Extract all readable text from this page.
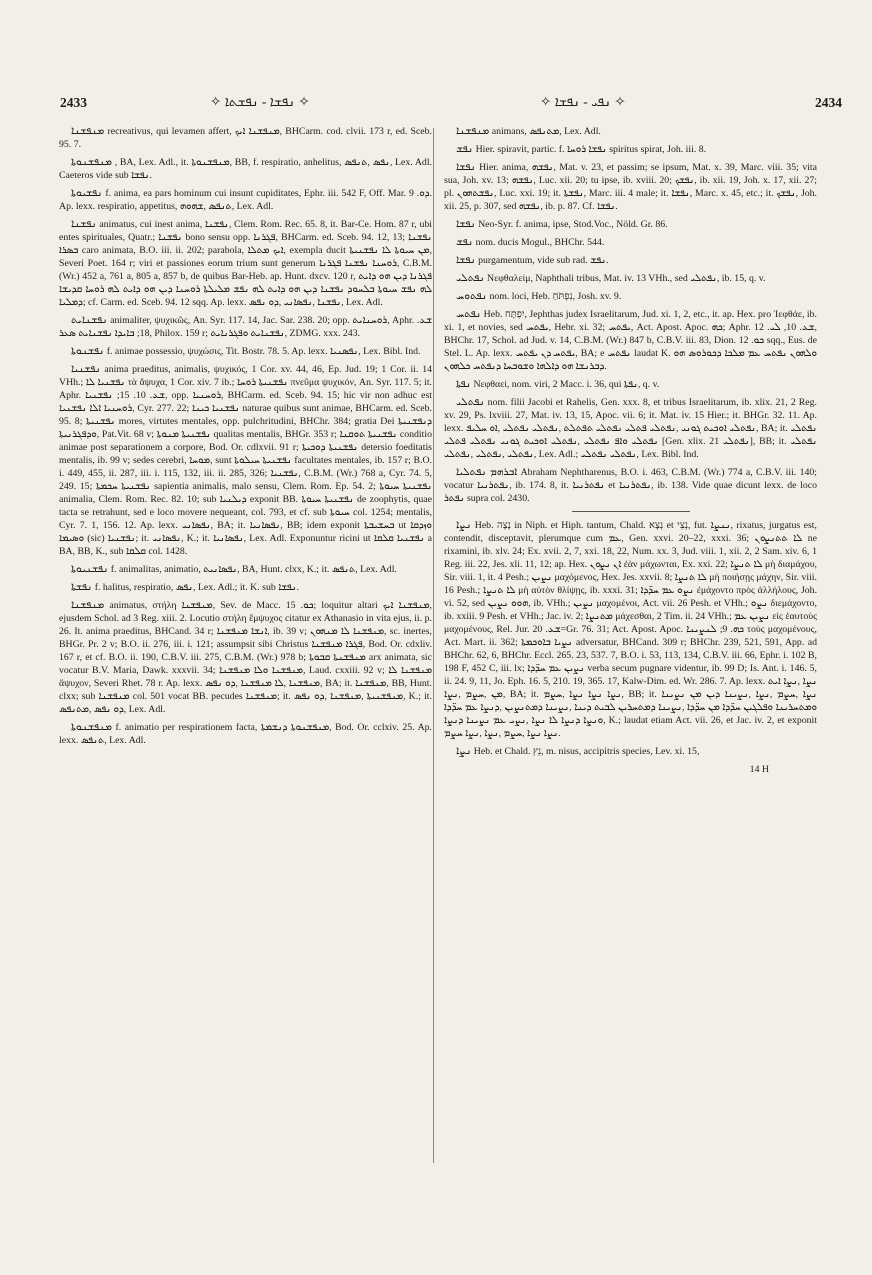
2433	✧ ܢܦܫܐ - ܢܦܫܬܐ ✧	✧ ܢܦܝ - ܢܦܫܐ ✧	2434

ܡܢܦܫܢܐ recreativus, qui levamen affert, ܡܢܦܫܢܐ ܐܝܟ, BHCarm. cod. clvii. 173 r, ed. Sceb. 95. 7.

ܡܢܦܫܢܘܬܐ , BA, Lex. Adl., it. ܡܢܦܫܢܘܬܐ, BB, f. respiratio, anhelitus, ܢܦܣ ,ܬܢܦܣ, Lex. Adl. Caeteros vide sub ܢܦܫܐ.

ܢܦܫܝܘܬܐ f. anima, ea pars hominum cui insunt cupiditates, Ephr. iii. 542 F, Off. Mar. ܕܘ. 9. Ap. lexx. respiratio, appetitus, ܬܢܦܣ ,ܫܗܘܗ, Lex. Adl.

ܢܦܫܢܐ animatus, cui inest anima, ܢܦܫܢܐ, Clem. Rom. Rec. 65. 8, it. Bar-Ce. Hom. 87 r, ubi entes spirituales, Quatr.; ܢܦܫܢܐ bono sensu opp. ܦܓܪܢܐ, BHCarm. ed. Sceb. 94. 12, 13; ܢܦܫܢܐ ܒܣܪܐ caro animata, B.O. iii. ii. 202; parabola, ܐܝܟ ܡܬܠܐ, exempla ducit ܡܢ ܚܝܘܬܐ ܠܐ ܢܦܫܢܝܬܐ, Severi Poet. 164 r; viri et passiones eorum trium sunt generum ܪܘܚܢܐ ܢܦܫܢܐ ܦܓܪܢܐ, C.B.M. (Wr.) 452 a, 761 a, 805 a, 857 b, de quibus Bar-Heb. ap. Hunt. dxcv. 120 r, ܦܓܪܢܐ ܕܝܢ ܗܘ ܕܐܝܬ ܠܗ ܢܦܫ ܚܝܘܬܐ ܒܠܚܘܕ ܢܦܫܢܐ ܕܝܢ ܗܘ ܕܐܝܬ ܠܗ ܢܦܫ ܡܠܝܠܬܐ ܪܘܚܢܐ ܕܝܢ ܗܘ ܕܐܝܬ ܠܗ ܪܘܚܐ ܩܕܝܫܐ ܕܡܠܝܐ; cf. Carm. ed. Sceb. 94. 12 sqq. Ap. lexx. ܢܦܫܢܐ ,ܢܦܣܐܢܝ ,ܕܘ ܢܦܣ, Lex. Adl.

ܢܦܫܢܐܝܬ animaliter, ψυχικῶς, An. Syr. 117. 14, Jac. Sar. 238. 20; opp. ܪܘܚܢܐܝܬ, Aphr. ܫܥ. 18; ܒܐܝܕܐ ܢܦܫܢܐܝܬ ܣܥܪ, Philox. 159 r; ܢܦܫܢܐܝܬ ܘܦܓܪܢܐܝܬ, ZDMG. xxx. 243.

ܢܦܫܢܘܬܐ f. animae possessio, ψυχώσις, Tit. Bostr. 78. 5. Ap. lexx. ܢܦܣܢܝܐ, Lex. Bibl. Ind.

ܢܦܫܢܝܐ anima praeditus, animalis, ψυχικός, 1 Cor. xv. 44, 46, Ep. Jud. 19; 1 Cor. ii. 14 VHh.; ܢܦܫܢܝܐ ܠܐ τὰ ἄψυχα, 1 Cor. xiv. 7 ib.; ܢܦܫܢܝܬܐ ܪܘܚܐ πνεῦμα ψυχικόν, An. Syr. 117. 5; it. Aphr. ܫܥ. 10. 15; ܢܦܫܢܝܐ, opp. ܪܘܚܢܝܐ, BHCarm. ed. Sceb. 94. 15; hic vir non adhuc est ܪܘܚܢܝܐ ܐܠܐ ܢܦܫܢܝܐ, Cyr. 277. 22; ܢܦܫܢܝܐ ܟܝܢܐ naturae quibus sunt animae, BHCarm. ed. Sceb. 95. 8; ܢܦܫܢܝܬܐ mores, virtutes mentales, opp. pulchritudini, BHChr. 384; gratia Dei ܕܢܦܫܢܝܬܐ ܘܕܦܓܪܢܝܬܐ, Pat.Vit. 68 v; ܢܦܫܢܝܬܐ ܡܢܘܬܐ qualitas mentalis, BHGr. 353 r; ܢܦܫܢܝܬܐ ܬܘܩܢܐ conditio animae post separationem a corpore, Bod. Or. cdlxvii. 91 r; ܢܦܫܢܝܬܐ ܕܘܟܝܬܐ detersio foeditatis mentalis, ib. 99 v; sedes cerebri, ܡܘܚܐ, sunt ܢܦܫܢܝܬܐ ܚܝܠܘܬܐ facultates mentales, ib. 157 r; B.O. i. 449, 455, ii. 287, iii. i. 115, 132, iii. ii. 285, 326; ܢܦܫܢܝܐ, C.B.M. (Wr.) 768 a, Cyr. 74. 5, 249. 15; ܢܦܫܢܝܬܐ ܚܟܡܬܐ sapientia animalis, malo sensu, Clem. Rom. Ep. 54. 2; ܢܦܫܢܝܬܐ ܚܝܘܬܐ animalia, Clem. Rom. Rec. 82. 10; sub ܕܝܠܢܝܐ exponit BB. ܢܦܫܢܝܬܐ ܚܝܘܬܐ de zoophytis, quae tacta se retrahunt, sed e loco movere nequeant, col. 793, et cf. sub ܚܝܘܬܐ col. 1254; mentalis, Cyr. 7. 1, 156. 12. Ap. lexx. ܢܦܣܐܢܝ, BA; it. ܢܦܣܐܢܝܐ, BB; idem exponit ܒܚܫܝܒܬܐ ut ܘܙܕܩܐ ܘܣܝܡܐ (sic) ܢܦܫܢܝܐ; it. ܢܦܣܐܢܝ, K.; it. ܢܦܣܐܢܝܐ, Lex. Adl. Exponuntur ricini ut ܢܦܫܢܝܐ ܩܠܩܐ a BA, BB, K., sub ܩܠܩܐ col. 1428.

ܢܦܫܢܝܘܬܐ f. animalitas, animatio, ܢܦܣܐܢܝܬ, BA, Hunt. clxx, K.; it. ܬܢܦܣ, Lex. Adl.

ܢܦܫܬܐ f. halitus, respiratio, ܢܦܣ, Lex. Adl.; it. K. sub ܢܦܫܐ.

ܡܢܦܫܢܐ animatus, στήλη ܡܢܦܫܢܐ, Sev. de Macc. ܟܘ. 15; loquitur altari ܡܢܦܫܢܐ ܐܝܟ, ejusdem Schol. ad 3 Reg. xiii. 2. Locutio στήλη ἔμψυχος citatur ex Athanasio in vita ejus, ii. p. 26. It. anima praeditus, BHCand. 34 r; ܐܢܫܐ ܡܢܦܫܢܐ, ib. 39 v; ܡܢܦܫܢܐ ܠܐ ܡܢܗܘܢ, sc. inertes, BHGr. Pr. 2 v; B.O. ii. 276, iii. i. 121; assumpsit sibi Christus ܦܓܪܐ ܡܢܦܫܢܐ, Bod. Or. cdxliv. 167 r, et cf. B.O. ii. 190, C.B.V. iii. 275, C.B.M. (Wr.) 978 b; ܡܢܦܫܢܬܐ ܩܒܘܬܐ arx animata, sic vocatur B.V. Maria, Dawk. xxxvii. 34; ܡܢܦܫܢܐ ܘܠܐ ܡܢܦܫܢܐ, Laud. cxxiii. 92 v; ܡܢܦܫܢܐ ܠܐ ἄψυχον, Severi Rhet. 78 r. Ap. lexx. ܡܢܦܫܢܐ ,ܠܐ ܡܢܦܫܢܐ ,ܕܘ ܢܦܣ, BA; it. ܡܢܦܫܢܐ, BB, Hunt. clxx; sub ܡܢܦܫܢܐ col. 501 vocat BB. pecudes ܡܢܦܫܢܐ; it. ܡܢܦܫܢܝܬܐ ,ܡܢܦܫܢܐ ,ܕܘ ܢܦܣ, K.; it. ܕܘ ܢܦܣ ,ܡܬܢܦܣ, Lex. Adl.

ܡܢܦܫܢܘܬܐ f. animatio per respirationem facta, ܡܢܦܫܢܘܬܐ ܕܢܫܡܬܐ, Bod. Or. cclxiv. 25. Ap. lexx. ܬܢܦܣ, Lex. Adl.

ܡܢܦܫܢܐ animans, ܡܬܢܦܣ, Lex. Adl.

ܢܦܫ Hier. spiravit, partic. f. ܢܦܫܐ ܪܘܚܐ spiritus spirat, Joh. iii. 8.

ܢܦܫܐ Hier. anima, ܢܦܫܗ, Mat. v. 23, et passim; se ipsum, Mat. x. 39, Marc. viii. 35; vita sua, Joh. xv. 13; ܢܦܫܗ, Luc. xii. 20; tu ipse, ib. xviii. 20; ܢܦܫܟ, ib. xii. 19, Joh. x. 17, xii. 27; pl. ܢܦܫܬܗܘܢ, Luc. xxi. 19; it. ܢܦܫܬܐ, Marc. iii. 4 male; it. ܢܦܫܐ, Marc. x. 45, etc.; it. ܢܦܫܟ, Joh. xii. 25, p. 307, sed ܢܦܫܗ, ib. p. 87. Cf. ܢܦܫܐ.

ܢܦܫܐ Neo-Syr. f. anima, ipse, Stod.Voc., Nöld. Gr. 86.

ܢܦܫ nom. ducis Mogul., BHChr. 544.

ܢܦܫܐ purgamentum, vide sub rad. ܢܦܫ.

ܢܦܬܠܝ Νεφθαλείμ, Naphthali tribus, Mat. iv. 13 VHh., sed ܢܦܬܠܝ, ib. 15, q. v.

ܢܦܬܘܚ nom. loci, Heb. נִפְתֹּחַ, Josh. xv. 9.

ܢܦܬܚ Heb. יִפְתָּח, Jephthas judex Israelitarum, Jud. xi. 1, 2, etc., it. ap. Hex. pro Ἰεφθάε, ib. xi. 1, et novies, sed ܝܦܬܚ, Hebr. xi. 32; ܝܦܬܚ, Act. Apost. Apoc. ܟܗ; Aphr. ܫܥ. 10, ܠܝ. 12, BHChr. 17, Schol. ad Jud. v. 14, C.B.M. (Wr.) 847 b, C.B.V. iii. 83, Dion. ܟܘ. 12 sqq., Eus. de Stel. L. Ap. lexx. ܝܦܬܚ ܕܢ ܝܦܬܚ, BA; e ܢܦܬܚ laudat K. ܘܠܗܘܢ ܢܦܬܚ ܥܡ ܡܠܟܐ ܕܟܘܪܘܣ ܗܘ ܕܒܪܢܫܐ ܗܘ ܕܐܠܗܐ ܘܫܘܒܚܐ ܕܢܦܬܚ ܟܠܗܘܢ.

ܢܦܬܐ Νεφθαεί, nom. viri, 2 Macc. i. 36, qui ܢܦܬܐ, q. v.

ܢܦܬܠܝ nom. filii Jacobi et Rahelis, Gen. xxx. 8, et tribus Israelitarum, ib. xlix. 21, 2 Reg. xv. 29, Ps. lxviii. 27, Mat. iv. 13, 15, Apoc. vii. 6; it. Mat. iv. 15 Hier.; it. BHGr. 32. 11. Ap. lexx. ܢܦܬܠܝ ܐܘܟܝܬ ܓܘܢܝ ,ܢܦܬܠܝ ܦܬܠܝ ܢܦܬܠܝ ܬܦܬܠܬ ,ܢܦܬܠܝ ܢܦܬܠܝ ,ܐܘ ܚܠܝܦ, BA; it. ܢܦܬܠܝ ܢܦܬܠܝ ܘܐܦ ܢܦܬܠܝ ,ܢܦܬܠܝ ܐܘܟܝܬ ܓܘܢܝ ܢܦܬܠܝ ܦܬܠܝ [Gen. xlix. 21 ܢܦܬܠܝ], BB; it. ܢܦܬܠܝ ܢܦܬܠܝ ,ܢܦܬܠܝ ,ܢܦܬܠܝ, Lex. Adl.; ܢܦܬܠܝ ܢܦܬܠܝ, Lex. Bibl. Ind.

ܐܒܪܗܡ ܢܦܬܠܝܐ Abraham Nephtharenus, B.O. i. 463, C.B.M. (Wr.) 774 a, C.B.V. iii. 140; vocatur ܢܦܬܪܢܝܐ, ib. 174. 8, it. ܢܦܬܪܢܝܐ et ܢܦܬܪܢܝܐ, ib. 138. Vide quae dicunt lexx. de loco ܢܦܬܪ supra col. 2430.

ܢܨܐ Heb. נָצָה in Niph. et Hiph. tantum, Chald. נְצָא et נְצֵי, fut. ܢܢܨܐ, rixatus, jurgatus est, contendit, disceptavit, plerumque cum ܥܡ, Gen. xxvi. 20–22, xxxi. 36; ܠܐ ܬܬܢܨܘܢ ne rixamini, ib. xlv. 24; Ex. xvii. 2, 7, xxi. 18, 22, Num. xx. 3, Jud. viii. 1, xii. 2, 2 Sam. xiv. 6, 1 Reg. iii. 22, Jes. xli. 11, 12; ap. Hex. ܐܢ ܢܨܘܢ ἐὰν μάχωνται, Ex. xxi. 22; ܠܐ ܬܢܨܐ μὴ διαμάχου, Sir. viii. 1, it. 4 Pesh.; ܢܨܝܢ μαχόμενος, Hex. Jes. xxvii. 8; ܠܐ ܬܢܨܐ μὴ ποιήσῃς μάχην, Sir. viii. 16 Pesh.; ܠܐ ܬܢܨܐ μὴ αὐτὸν θλίψῃς, ib. xxxi. 31; ܢܨܘ ܥܡ ܚܕ̈ܕܐ ἐμάχοντο πρὸς ἀλλήλους, Joh. vi. 52, sed ܗܘܘ ܢܨܝܢ, ib. VHh.; ܢܨܝܢ μαχομένοι, Act. vii. 26 Pesh. et VHh.; ܢܨܘ διεμάχοντο, ib. xxiii. 9 Pesh. et VHh.; Jac. iv. 2; ܡܬܢܨܐ μάχεσθαι, 2 Tim. ii. 24 VHh.; ܢܨܝܢ ܥܡ εἰς ἑαυτοὺς μαχομένους, Rel. Jur. ܫܥ. 20=Gr. 76. 31; Act. Apost. Apoc. ܟܗ. 9; ܠܢܨܝܢܐ τοὺς μαχομένους, Act. Mart. ii. 362; ܢܨܝܐ ܒܐܘܟܡܬܐ adversatur, BHCand. 309 r; BHChr. 239, 521, 591, App. ad BHChr. 62, 6, BHChr. Eccl. 265. 23, 537. 7, B.O. i. 53, 113, 134, C.B.V. iii. 66, Ephr. i. 102 B, 198 F, 452 C, iii. lx; ܢܨܝܢ ܥܡ ܚܕ̈ܕܐ verba secum pugnare videntur, ib. 99 D; Is. Ant. i. 146. 5, ii. 24. 9, 11, Jo. Eph. 16. 5, 210. 19, 365. 17, Kalw-Dim. ed. Wr. 286. 7. Ap. lexx. ܢܨܐ ,ܢܨܐ ܐܝܬ ܡܢ ,ܚܨܡ ,ܢܨܐ, BA; it. ܢܨܐ ܢܨܐ ܢܨܐ ,ܚܨܡ, BB; it. ܢܨܐ ,ܚܨܡ ,ܢܨܐ ,ܢܨܝܢܐ ܕܝܢ ܡܢ ܢܨܝܢܐ ܘܡܬܚܪܝܢܐ ܘܦܠܓܝܢ ܚܕ̈ܕܐ ܡܢ ܚܕ̈ܕܐ ,ܢܨܝܢܐ ܕܡܬܚܪܝܢ ܠܒܝܬ ܕܝܢܐ ,ܢܨܝܢܐ ܕܡܬܢܨܝܢ ,ܕܢܨܐ ܥܡ ܚܕ̈ܕܐ ܘܢܨܐ ܕܢܨܐ ܠܐ ܢܨܐ ,ܢܨܝ ܥܡ ܢܨܝܢܐ ܕܢܨܐ, K.; laudat etiam Act. vii. 26, et Jac. iv. 2, et exponit ܢܨܐ ܢܨܐ ,ܚܨܡ ,ܢܨܐ ,ܢܨܐ ܚܨܡ.

ܢܨܐ Heb. et Chald. נֵץ, m. nisus, accipitris species, Lev. xi. 15,

14 H
